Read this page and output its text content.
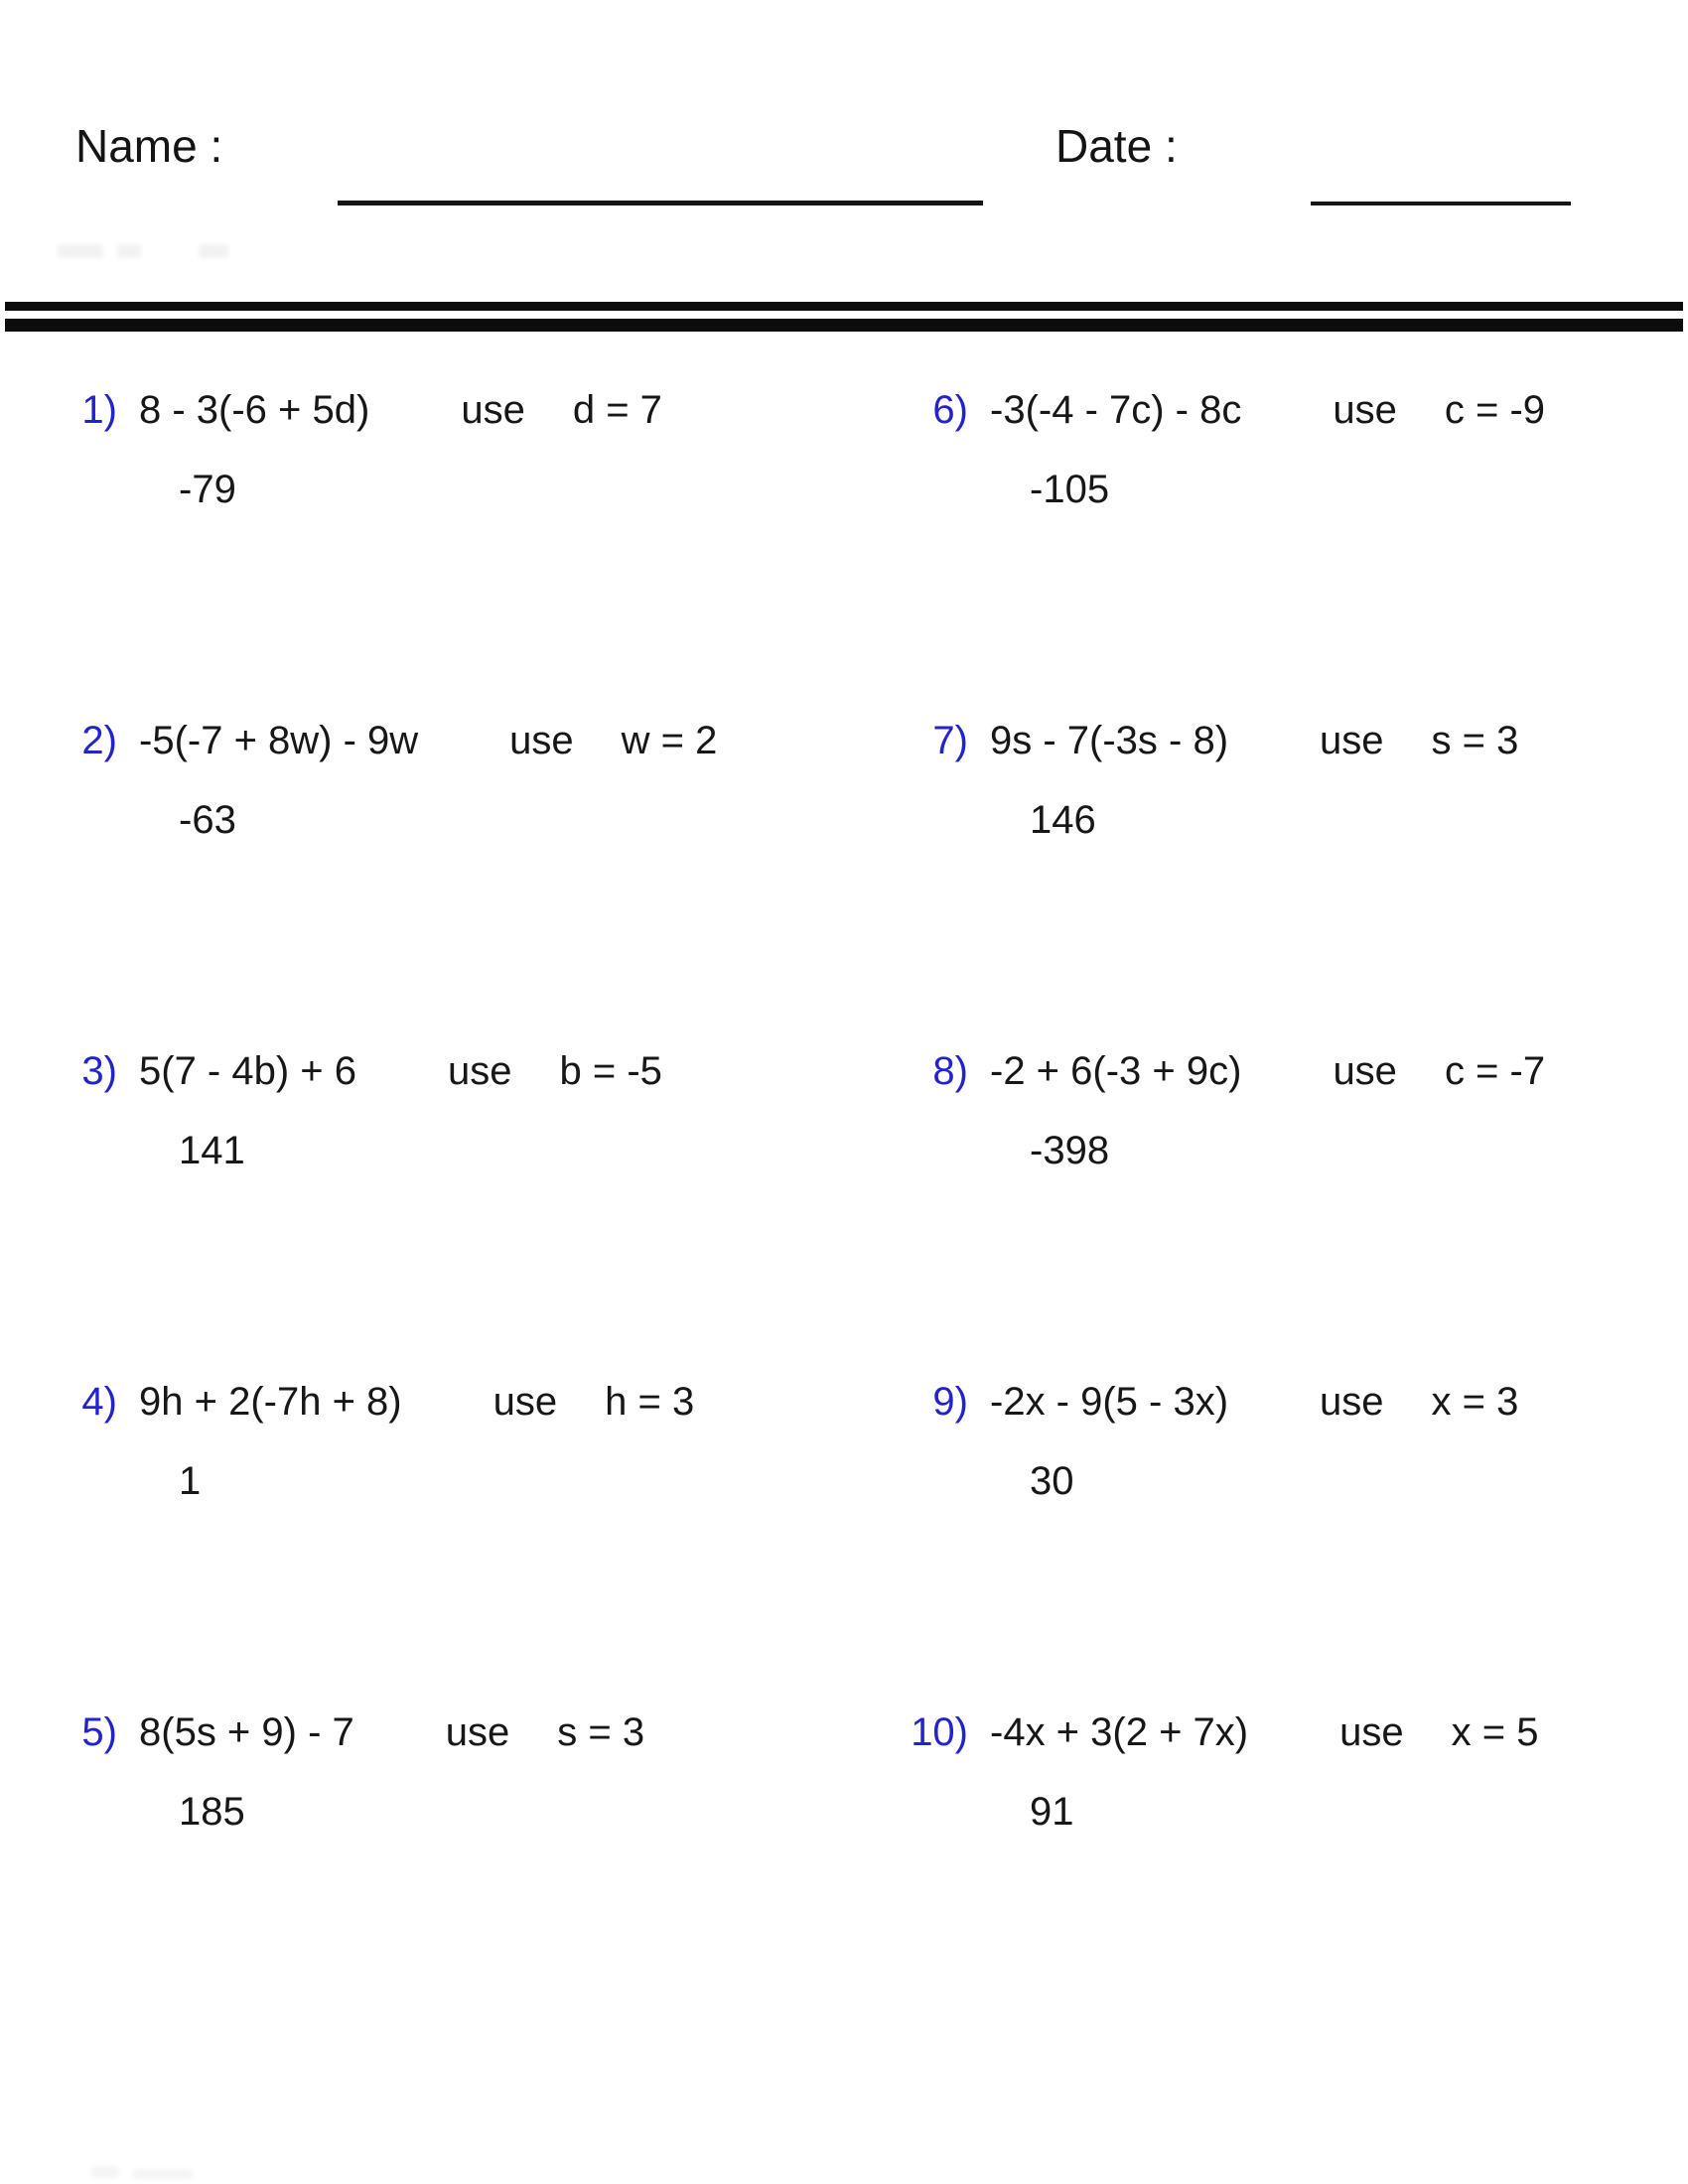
Name :	Date :
1) 8 - 3(-6 + 5d) use d = 7
-79
6) -3(-4 - 7c) - 8c use c = -9
-105
2) -5(-7 + 8w) - 9w use w = 2
-63
7) 9s - 7(-3s - 8) use s = 3
146
3) 5(7 - 4b) + 6 use b = -5
141
8) -2 + 6(-3 + 9c) use c = -7
-398
4) 9h + 2(-7h + 8) use h = 3
1
9) -2x - 9(5 - 3x) use x = 3
30
5) 8(5s + 9) - 7 use s = 3
185
10) -4x + 3(2 + 7x) use x = 5
91
